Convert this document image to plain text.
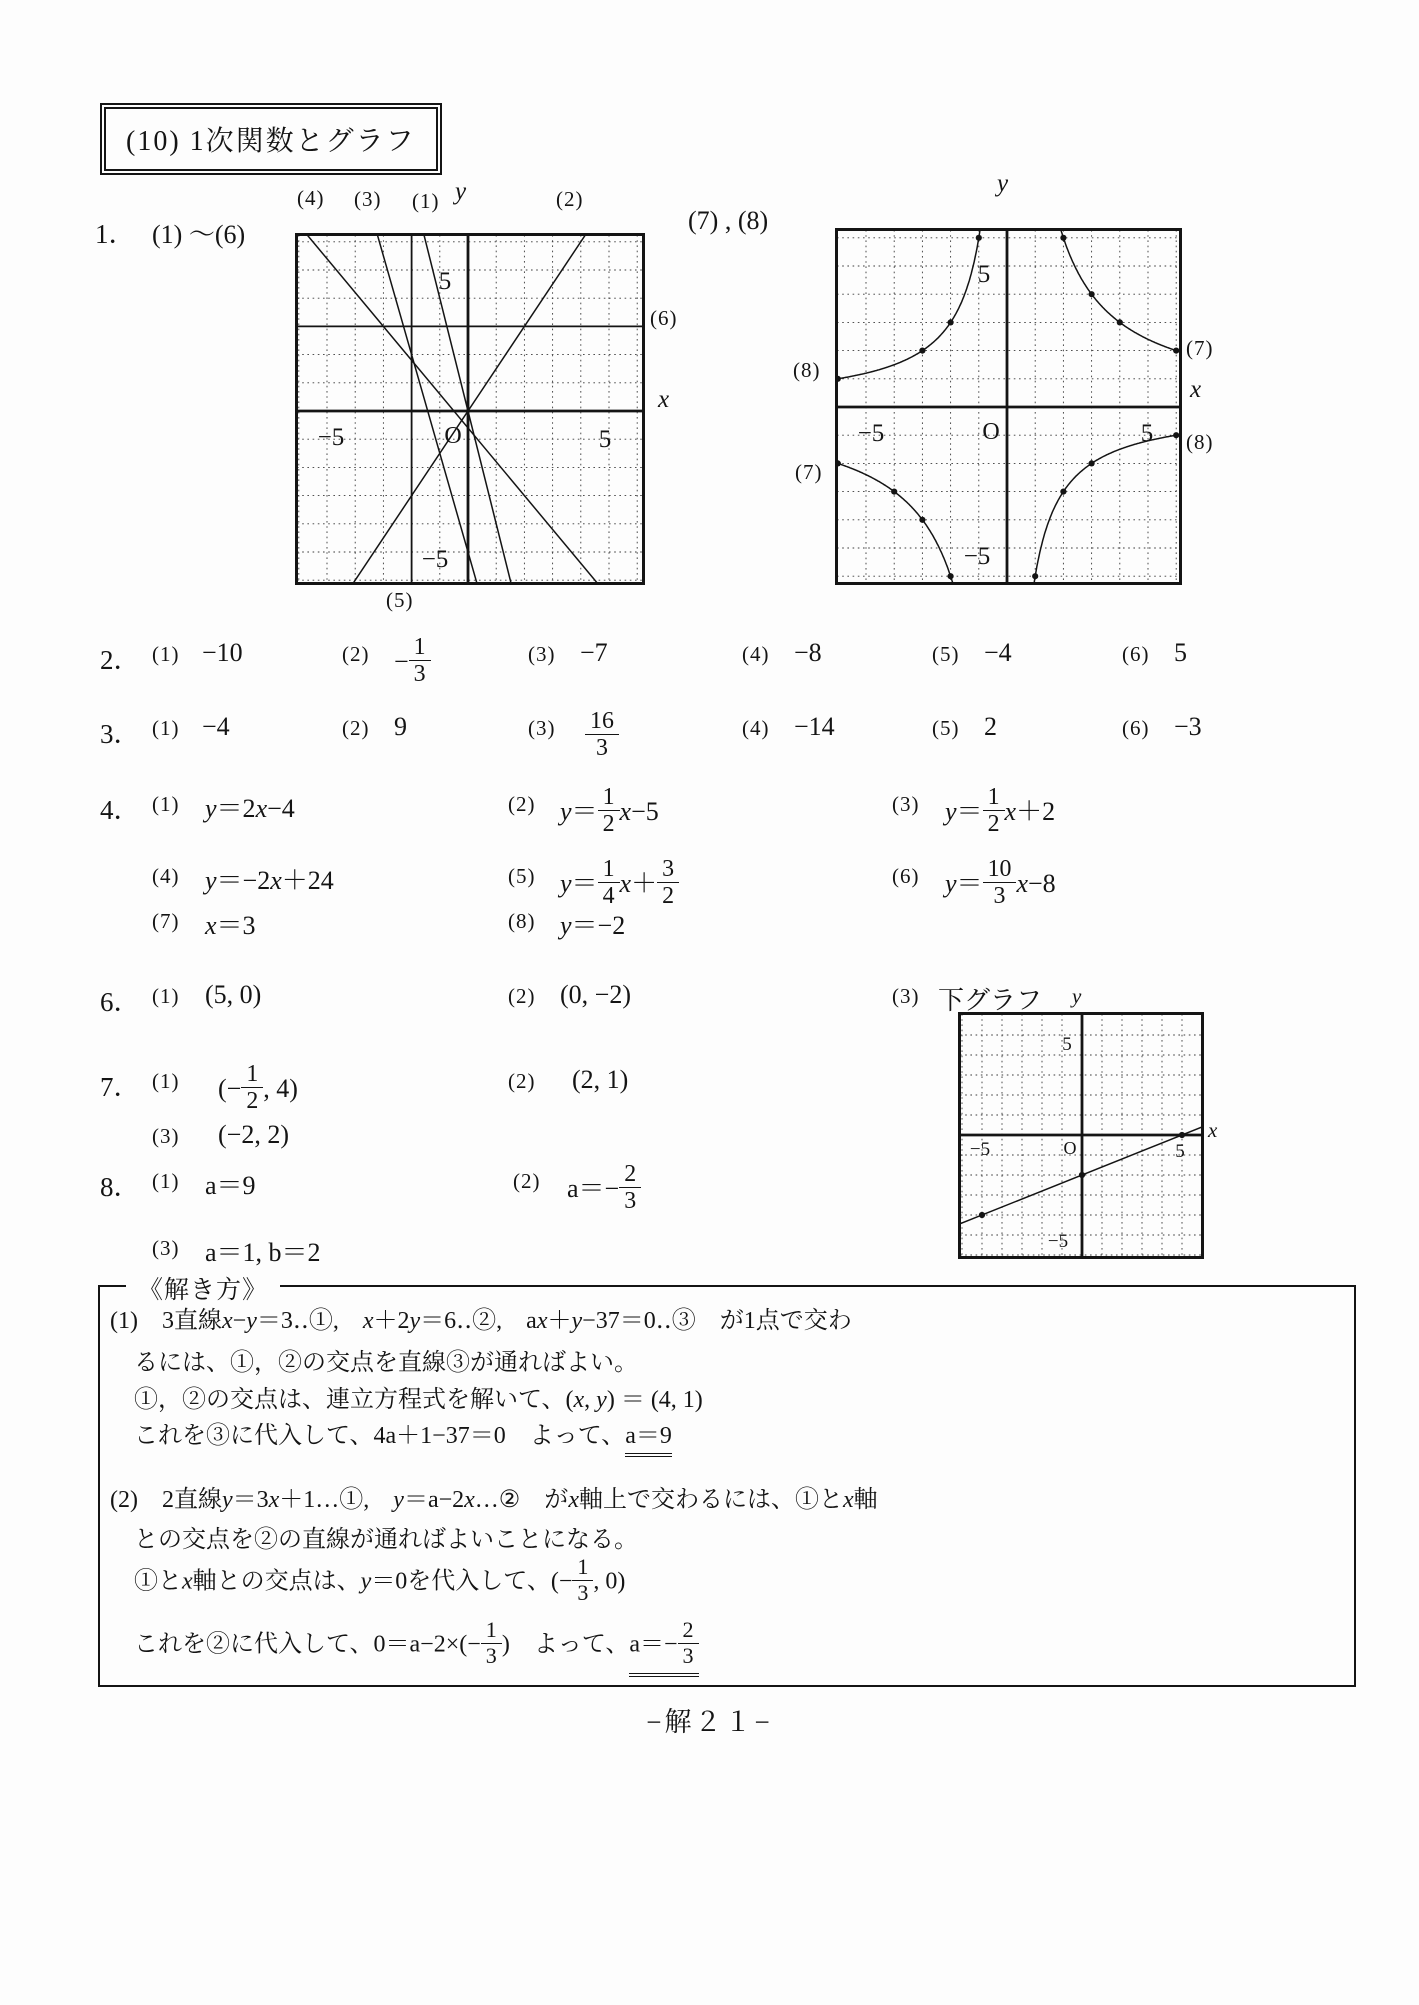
(10) 1次関数とグラフ
1． (1) 〜(6)	(7) , (8)
5
−5
−5	5
O
(4) (3) (1) y	(2)
(6)
x
(5)
5
−5
−5	5
O
y
x
(8)
(7)
(7)
(8)
2． (1) −10	$(2) - \frac{1}{3}$	(3) −7	(4) −8	(5) −4	(6) 5
3． (1) −4	(2) 9	$(3) \frac{16}{3}$	(4) −14	(5) 2	(6) −3
4． (1) y＝2x−4	(2) $y= \frac{1}{2} x-5$	(3) $y= \frac{1}{2} x+2$
(4) y＝−2x＋24	(5) $y= \frac{1}{4} x+ \frac{3}{2}$	(6) $y= \frac{10}{3} x-8$
(7) x＝3	(8) y＝−2
6． (1) (5, 0)	(2) (0, −2)	(3) 下グラフ
5
−5
−5	5
O
y
x
7． (1) (− $\frac{1}{2}$ , 4)	(2) (2, 1)
(3) (−2, 2)
8． (1) a＝9	(2) $a=- \frac{2}{3}$
(3) a＝1, b＝2
《解き方》
(1)　3直線x−y＝3‥①,　x＋2y＝6‥②,　ax＋y−37＝0‥③　が1点で交わ
るには、①，②の交点を直線③が通ればよい。
①，②の交点は、連立方程式を解いて、(x, y) ＝ (4, 1)
これを③に代入して、4a＋1−37＝0　よって、a＝9
(2)　2直線y＝3x＋1…①,　y＝a−2x…②　がx軸上で交わるには、①とx軸
との交点を②の直線が通ればよいことになる。
①とx軸との交点は、y＝0を代入して、(− $\frac{1}{3}$ , 0)
これを②に代入して、$0=a-2\times(- \frac{1}{3}$ )　よって、$a=- \frac{2}{3}$
−解２１−
